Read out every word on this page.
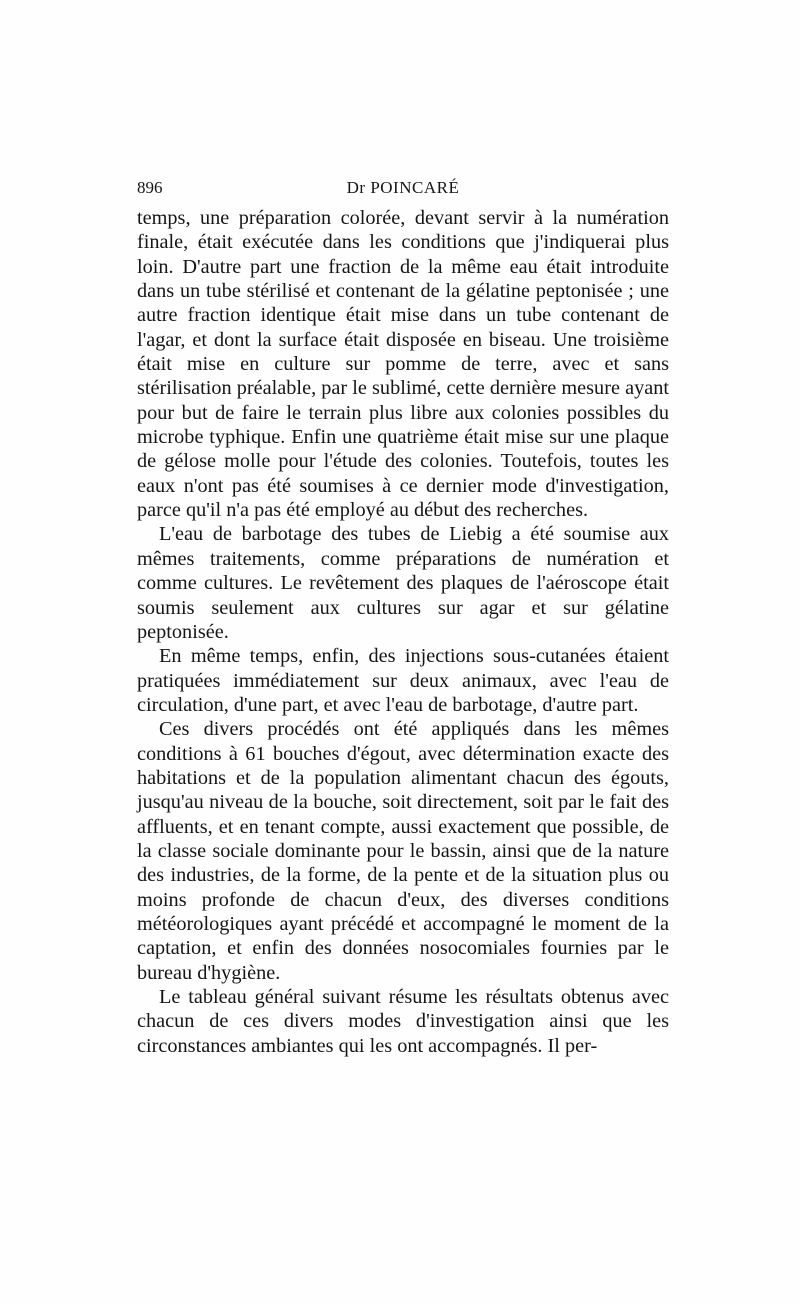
896	Dr POINCARÉ

temps, une préparation colorée, devant servir à la numération finale, était exécutée dans les conditions que j'indiquerai plus loin. D'autre part une fraction de la même eau était introduite dans un tube stérilisé et contenant de la gélatine peptonisée ; une autre fraction identique était mise dans un tube contenant de l'agar, et dont la surface était disposée en biseau. Une troisième était mise en culture sur pomme de terre, avec et sans stérilisation préalable, par le sublimé, cette dernière mesure ayant pour but de faire le terrain plus libre aux colonies possibles du microbe typhique. Enfin une quatrième était mise sur une plaque de gélose molle pour l'étude des colonies. Toutefois, toutes les eaux n'ont pas été soumises à ce dernier mode d'investigation, parce qu'il n'a pas été employé au début des recherches.

L'eau de barbotage des tubes de Liebig a été soumise aux mêmes traitements, comme préparations de numération et comme cultures. Le revêtement des plaques de l'aéroscope était soumis seulement aux cultures sur agar et sur gélatine peptonisée.

En même temps, enfin, des injections sous-cutanées étaient pratiquées immédiatement sur deux animaux, avec l'eau de circulation, d'une part, et avec l'eau de barbotage, d'autre part.

Ces divers procédés ont été appliqués dans les mêmes conditions à 61 bouches d'égout, avec détermination exacte des habitations et de la population alimentant chacun des égouts, jusqu'au niveau de la bouche, soit directement, soit par le fait des affluents, et en tenant compte, aussi exactement que possible, de la classe sociale dominante pour le bassin, ainsi que de la nature des industries, de la forme, de la pente et de la situation plus ou moins profonde de chacun d'eux, des diverses conditions météorologiques ayant précédé et accompagné le moment de la captation, et enfin des données nosocomiales fournies par le bureau d'hygiène.

Le tableau général suivant résume les résultats obtenus avec chacun de ces divers modes d'investigation ainsi que les circonstances ambiantes qui les ont accompagnés. Il per-
